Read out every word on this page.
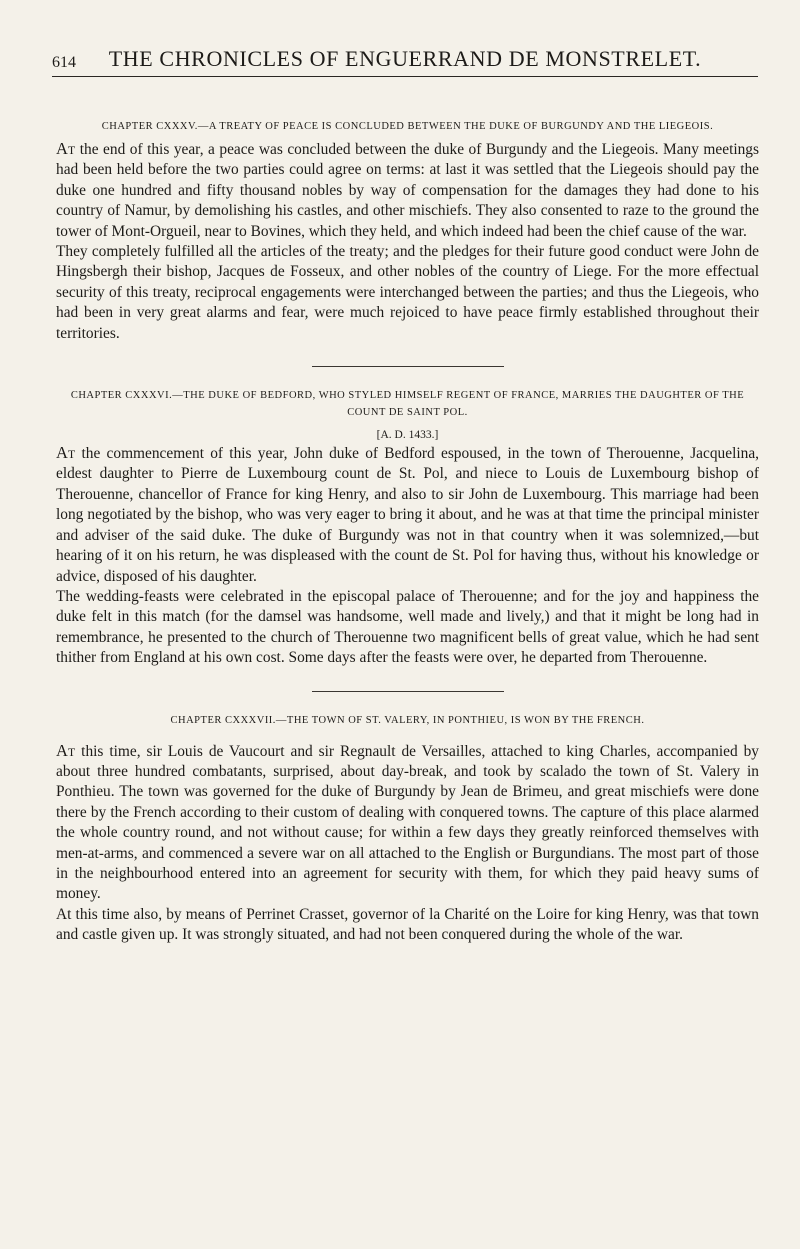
614	THE CHRONICLES OF ENGUERRAND DE MONSTRELET.
CHAPTER CXXXV.—A TREATY OF PEACE IS CONCLUDED BETWEEN THE DUKE OF BURGUNDY AND THE LIEGEOIS.

At the end of this year, a peace was concluded between the duke of Burgundy and the Liegeois. Many meetings had been held before the two parties could agree on terms: at last it was settled that the Liegeois should pay the duke one hundred and fifty thousand nobles by way of compensation for the damages they had done to his country of Namur, by demolishing his castles, and other mischiefs. They also consented to raze to the ground the tower of Mont-Orgueil, near to Bovines, which they held, and which indeed had been the chief cause of the war.

They completely fulfilled all the articles of the treaty; and the pledges for their future good conduct were John de Hingsbergh their bishop, Jacques de Fosseux, and other nobles of the country of Liege. For the more effectual security of this treaty, reciprocal engagements were interchanged between the parties; and thus the Liegeois, who had been in very great alarms and fear, were much rejoiced to have peace firmly established throughout their territories.

CHAPTER CXXXVI.—THE DUKE OF BEDFORD, WHO STYLED HIMSELF REGENT OF FRANCE, MARRIES THE DAUGHTER OF THE COUNT DE SAINT POL.
[A. D. 1433.]

At the commencement of this year, John duke of Bedford espoused, in the town of Therouenne, Jacquelina, eldest daughter to Pierre de Luxembourg count de St. Pol, and niece to Louis de Luxembourg bishop of Therouenne, chancellor of France for king Henry, and also to sir John de Luxembourg. This marriage had been long negotiated by the bishop, who was very eager to bring it about, and he was at that time the principal minister and adviser of the said duke. The duke of Burgundy was not in that country when it was solemnized,—but hearing of it on his return, he was displeased with the count de St. Pol for having thus, without his knowledge or advice, disposed of his daughter.

The wedding-feasts were celebrated in the episcopal palace of Therouenne; and for the joy and happiness the duke felt in this match (for the damsel was handsome, well made and lively,) and that it might be long had in remembrance, he presented to the church of Therouenne two magnificent bells of great value, which he had sent thither from England at his own cost. Some days after the feasts were over, he departed from Therouenne.

CHAPTER CXXXVII.—THE TOWN OF ST. VALERY, IN PONTHIEU, IS WON BY THE FRENCH.

At this time, sir Louis de Vaucourt and sir Regnault de Versailles, attached to king Charles, accompanied by about three hundred combatants, surprised, about day-break, and took by scalado the town of St. Valery in Ponthieu. The town was governed for the duke of Burgundy by Jean de Brimeu, and great mischiefs were done there by the French according to their custom of dealing with conquered towns. The capture of this place alarmed the whole country round, and not without cause; for within a few days they greatly reinforced themselves with men-at-arms, and commenced a severe war on all attached to the English or Burgundians. The most part of those in the neighbourhood entered into an agreement for security with them, for which they paid heavy sums of money.

At this time also, by means of Perrinet Crasset, governor of la Charité on the Loire for king Henry, was that town and castle given up. It was strongly situated, and had not been conquered during the whole of the war.
